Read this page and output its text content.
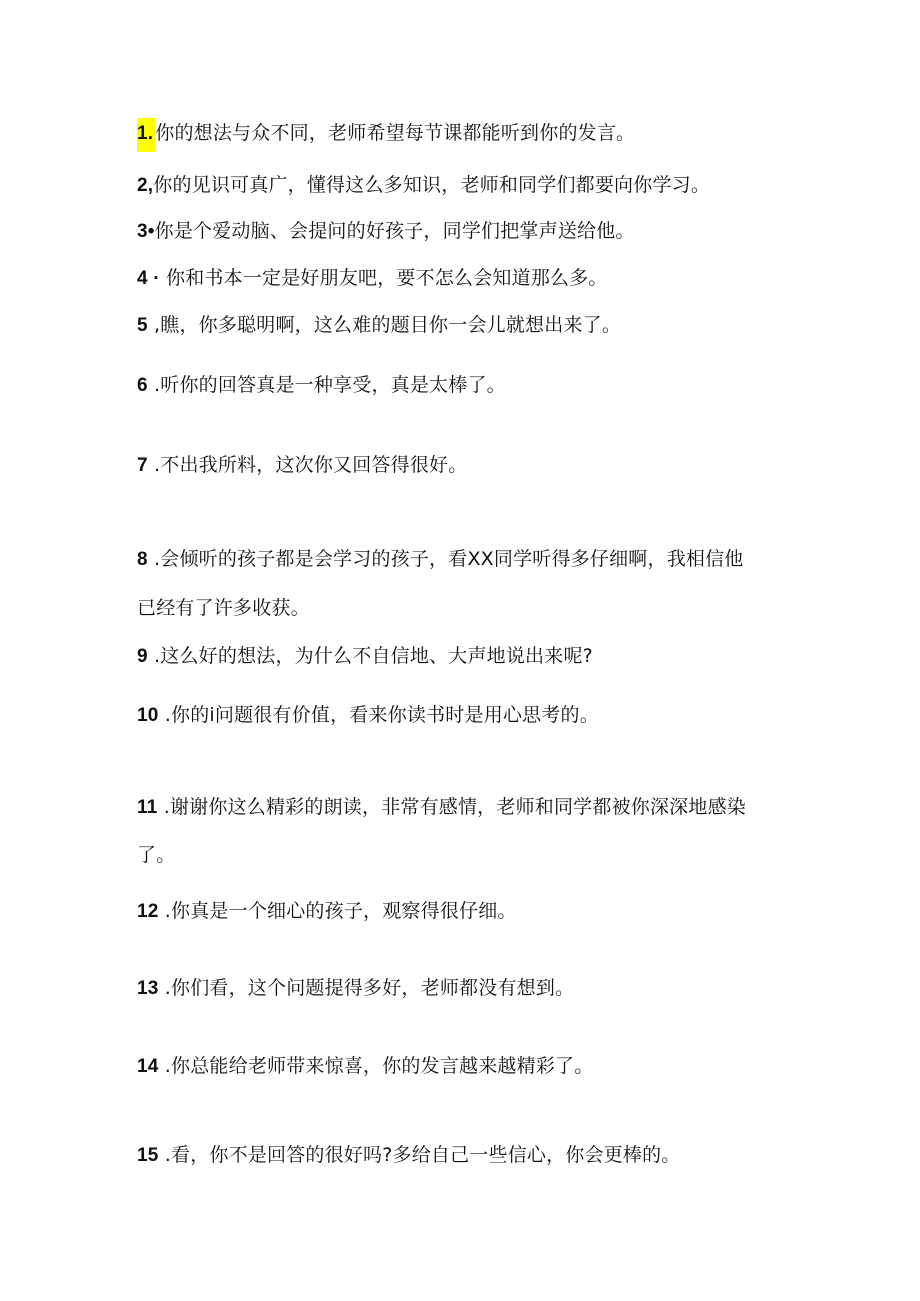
1. 你的想法与众不同，老师希望每节课都能听到你的发言。
2,你的见识可真广，懂得这么多知识，老师和同学们都要向你学习。
3•你是个爱动脑、会提问的好孩子，同学们把掌声送给他。
4 · 你和书本一定是好朋友吧，要不怎么会知道那么多。
5 ,瞧，你多聪明啊，这么难的题目你一会儿就想出来了。
6 .听你的回答真是一种享受，真是太棒了。
7 .不出我所料，这次你又回答得很好。
8 .会倾听的孩子都是会学习的孩子，看XX同学听得多仔细啊，我相信他
已经有了许多收获。
9 .这么好的想法，为什么不自信地、大声地说出来呢?
10 .你的i问题很有价值，看来你读书时是用心思考的。
11 .谢谢你这么精彩的朗读，非常有感情，老师和同学都被你深深地感染
了。
12 .你真是一个细心的孩子，观察得很仔细。
13 .你们看，这个问题提得多好，老师都没有想到。
14 .你总能给老师带来惊喜，你的发言越来越精彩了。
15 .看，你不是回答的很好吗?多给自己一些信心，你会更棒的。
